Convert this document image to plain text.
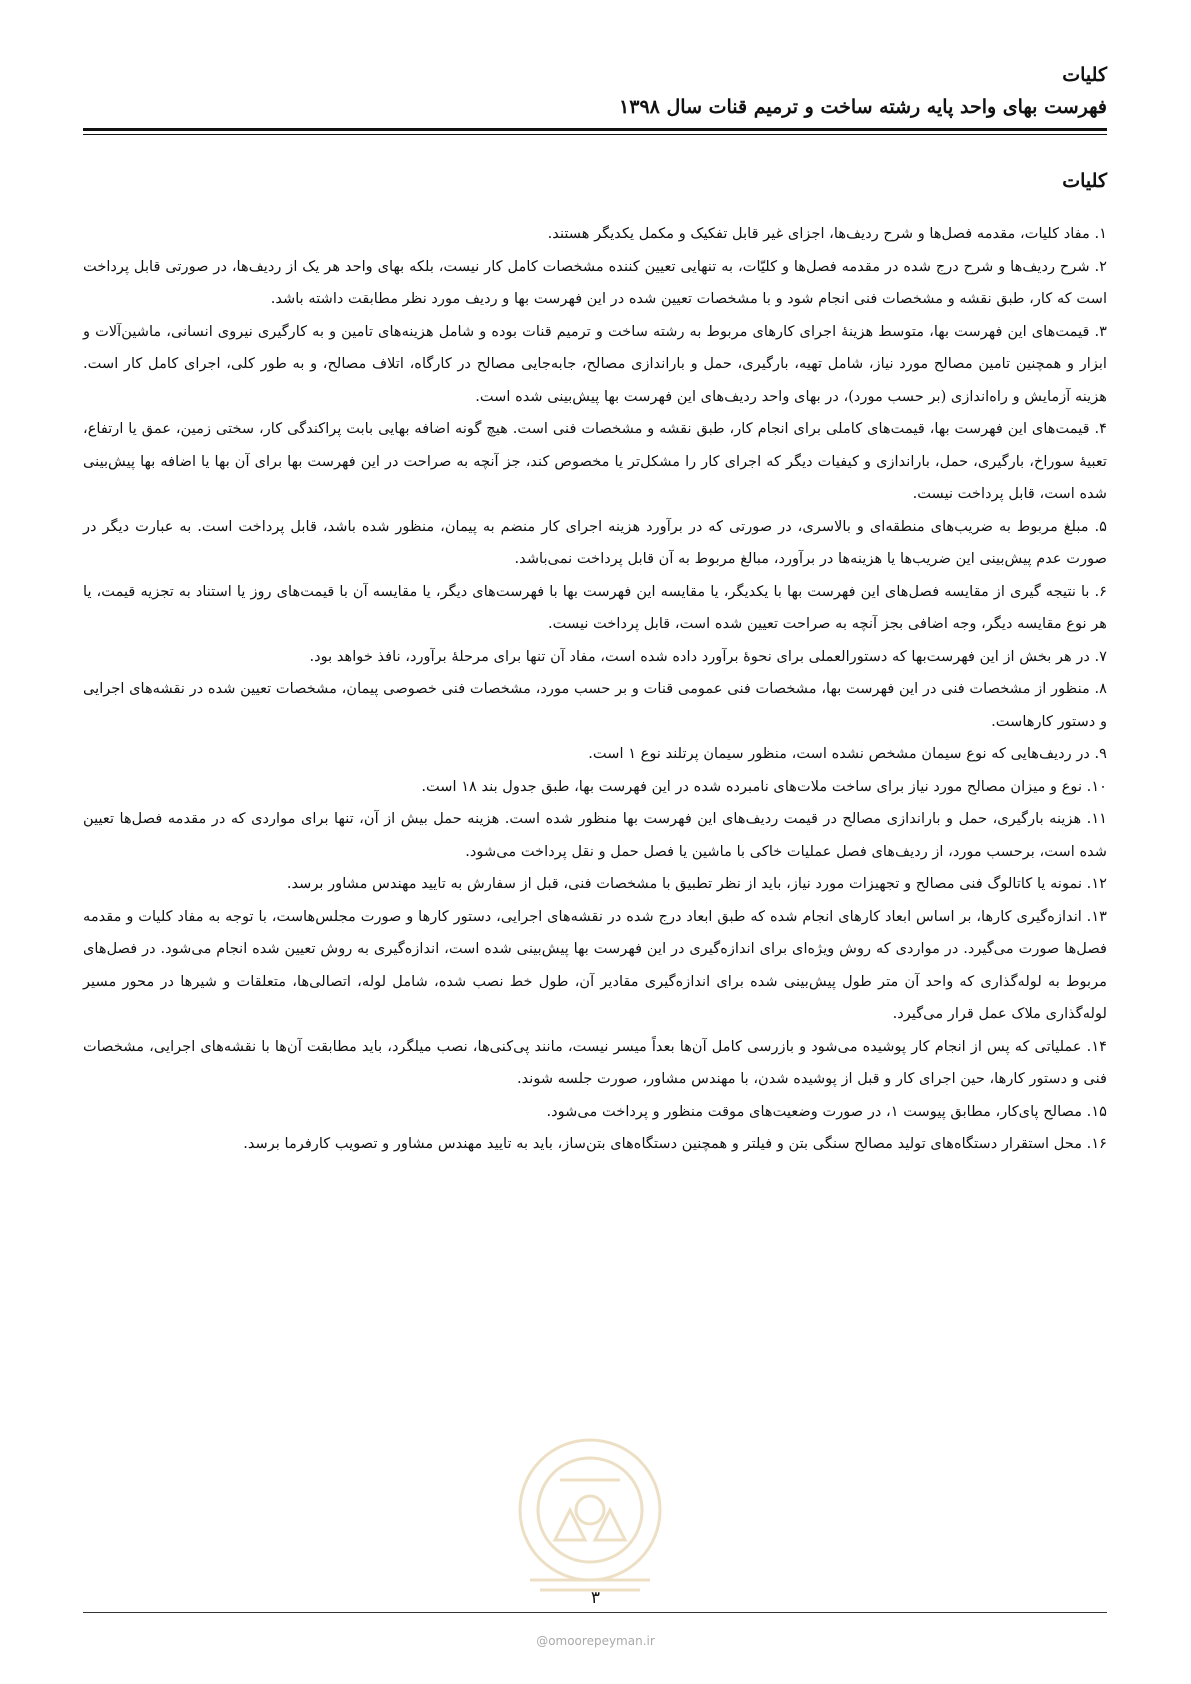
کلیات
فهرست بهای واحد پایه رشته ساخت و ترمیم قنات سال ۱۳۹۸
کلیات

۱. مفاد کلیات، مقدمه فصل‌ها و شرح ردیف‌ها، اجزای غیر قابل تفکیک و مکمل یکدیگر هستند.

۲. شرح ردیف‌ها و شرح درج شده در مقدمه فصل‌ها و کلیّات، به تنهایی تعیین کننده مشخصات کامل کار نیست، بلکه بهای واحد هر یک از ردیف‌ها، در صورتی قابل پرداخت است که کار، طبق نقشه و مشخصات فنی انجام شود و با مشخصات تعیین شده در این فهرست بها و ردیف مورد نظر مطابقت داشته باشد.

۳. قیمت‌های این فهرست بها، متوسط هزینهٔ اجرای کارهای مربوط به رشته ساخت و ترمیم قنات بوده و شامل هزینه‌های تامین و به کارگیری نیروی انسانی، ماشین‌آلات و ابزار و همچنین تامین مصالح مورد نیاز، شامل تهیه، بارگیری، حمل و باراندازی مصالح، جابه‌جایی مصالح در کارگاه، اتلاف مصالح، و به طور کلی، اجرای کامل کار است. هزینه آزمایش و راه‌اندازی (بر حسب مورد)، در بهای واحد ردیف‌های این فهرست بها پیش‌بینی شده است.

۴. قیمت‌های این فهرست بها، قیمت‌های کاملی برای انجام کار، طبق نقشه و مشخصات فنی است. هیچ گونه اضافه بهایی بابت پراکندگی کار، سختی زمین، عمق یا ارتفاع، تعبیهٔ سوراخ، بارگیری، حمل، باراندازی و کیفیات دیگر که اجرای کار را مشکل‌تر یا مخصوص کند، جز آنچه به صراحت در این فهرست بها برای آن بها یا اضافه بها پیش‌بینی شده است، قابل پرداخت نیست.

۵. مبلغ مربوط به ضریب‌های منطقه‌ای و بالاسری، در صورتی که در برآورد هزینه اجرای کار منضم به پیمان، منظور شده باشد، قابل پرداخت است. به عبارت دیگر در صورت عدم پیش‌بینی این ضریب‌ها یا هزینه‌ها در برآورد، مبالغ مربوط به آن قابل پرداخت نمی‌باشد.

۶. با نتیجه گیری از مقایسه فصل‌های این فهرست بها با یکدیگر، یا مقایسه این فهرست بها با فهرست‌های دیگر، یا مقایسه آن با قیمت‌های روز یا استناد به تجزیه قیمت، یا هر نوع مقایسه دیگر، وجه اضافی بجز آنچه به صراحت تعیین شده است، قابل پرداخت نیست.

۷. در هر بخش از این فهرست‌بها که دستورالعملی برای نحوهٔ برآورد داده شده است، مفاد آن تنها برای مرحلهٔ برآورد، نافذ خواهد بود.

۸. منظور از مشخصات فنی در این فهرست بها، مشخصات فنی عمومی قنات و بر حسب مورد، مشخصات فنی خصوصی پیمان، مشخصات تعیین شده در نقشه‌های اجرایی و دستور کارهاست.

۹. در ردیف‌هایی که نوع سیمان مشخص نشده است، منظور سیمان پرتلند نوع ۱ است.

۱۰. نوع و میزان مصالح مورد نیاز برای ساخت ملات‌های نامبرده شده در این فهرست بها، طبق جدول بند ۱۸ است.

۱۱. هزینه بارگیری، حمل و باراندازی مصالح در قیمت ردیف‌های این فهرست بها منظور شده است. هزینه حمل بیش از آن، تنها برای مواردی که در مقدمه فصل‌ها تعیین شده است، برحسب مورد، از ردیف‌های فصل عملیات خاکی با ماشین یا فصل حمل و نقل پرداخت می‌شود.

۱۲. نمونه یا کاتالوگ فنی مصالح و تجهیزات مورد نیاز، باید از نظر تطبیق با مشخصات فنی، قبل از سفارش به تایید مهندس مشاور برسد.

۱۳. اندازه‌گیری کارها، بر اساس ابعاد کارهای انجام شده که طبق ابعاد درج شده در نقشه‌های اجرایی، دستور کارها و صورت مجلس‌هاست، با توجه به مفاد کلیات و مقدمه فصل‌ها صورت می‌گیرد. در مواردی که روش ویژه‌ای برای اندازه‌گیری در این فهرست بها پیش‌بینی شده است، اندازه‌گیری به روش تعیین شده انجام می‌شود. در فصل‌های مربوط به لوله‌گذاری که واحد آن متر طول پیش‌بینی شده برای اندازه‌گیری مقادیر آن، طول خط نصب شده، شامل لوله، اتصالی‌ها، متعلقات و شیرها در محور مسیر لوله‌گذاری ملاک عمل قرار می‌گیرد.

۱۴. عملیاتی که پس از انجام کار پوشیده می‌شود و بازرسی کامل آن‌ها بعداً میسر نیست، مانند پی‌کنی‌ها، نصب میلگرد، باید مطابقت آن‌ها با نقشه‌های اجرایی، مشخصات فنی و دستور کارها، حین اجرای کار و قبل از پوشیده شدن، با مهندس مشاور، صورت جلسه شوند.

۱۵. مصالح پای‌کار، مطابق پیوست ۱، در صورت وضعیت‌های موقت منظور و پرداخت می‌شود.

۱۶. محل استقرار دستگاه‌های تولید مصالح سنگی بتن و فیلتر و همچنین دستگاه‌های بتن‌ساز، باید به تایید مهندس مشاور و تصویب کارفرما برسد.

۳
@omoorepeyman.ir
